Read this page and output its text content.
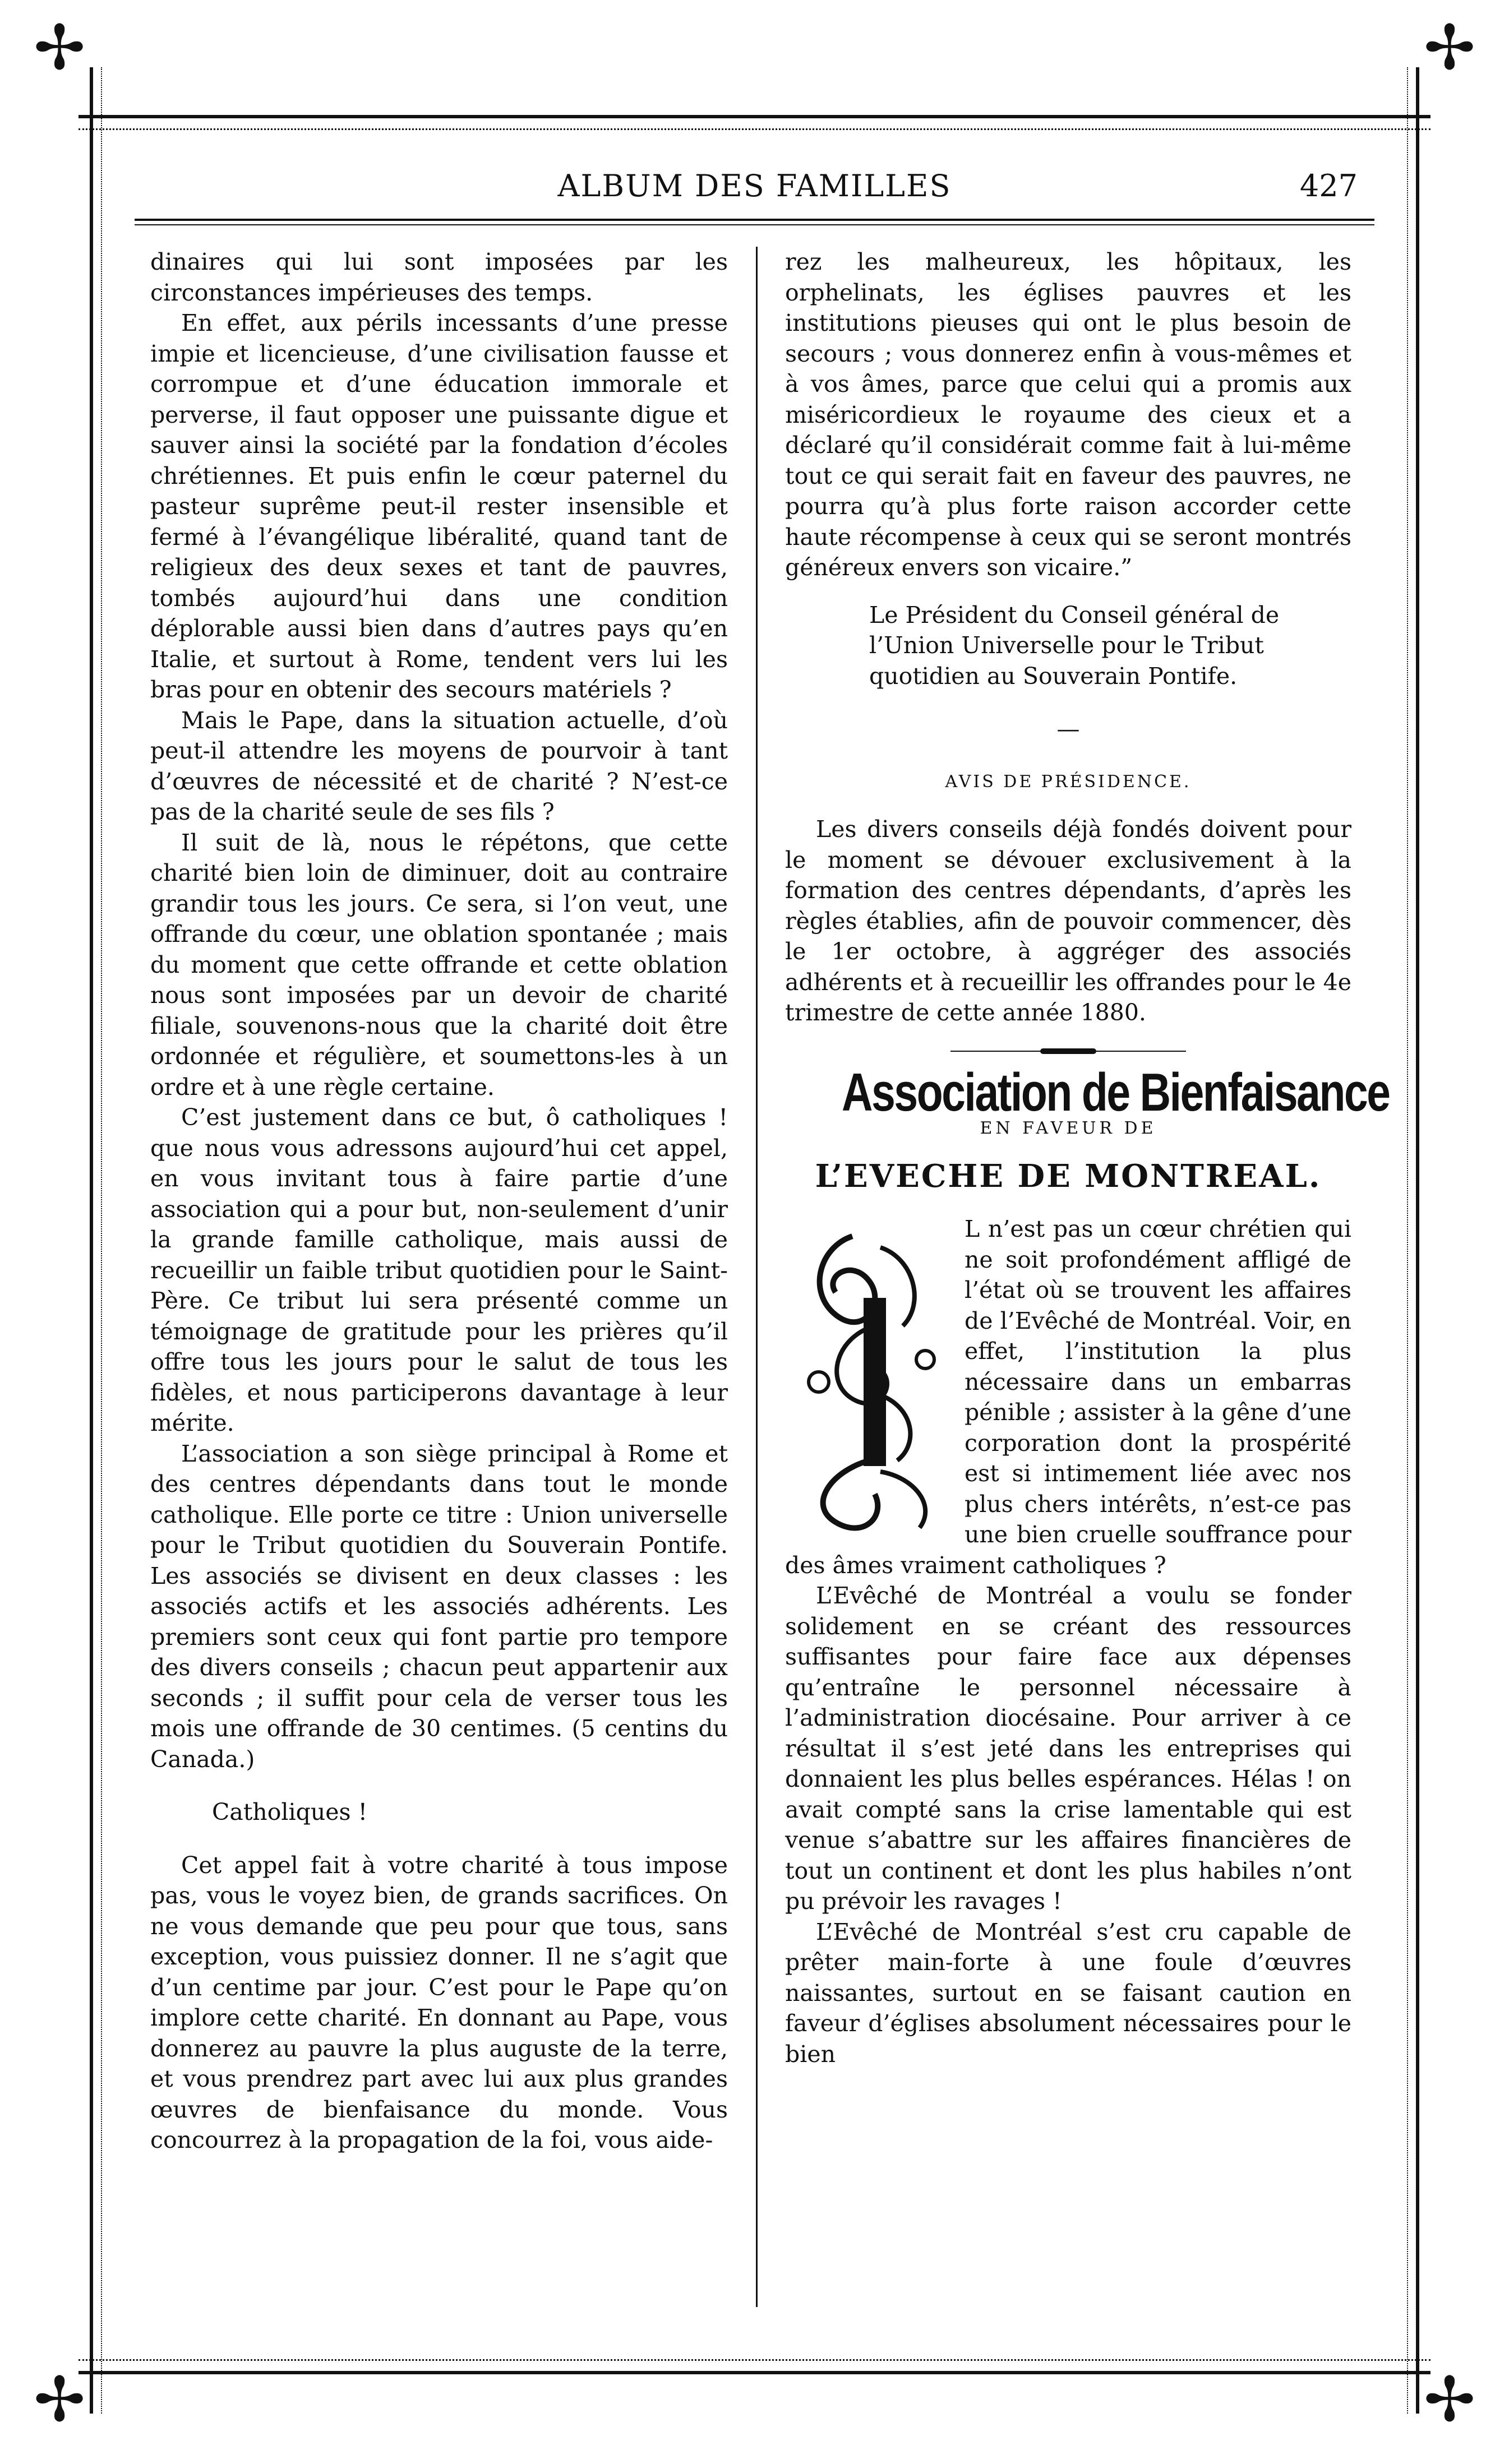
✢	✢
✢	✢
ALBUM DES FAMILLES	427

dinaires qui lui sont imposées par les circonstances impérieuses des temps.

En effet, aux périls incessants d’une presse impie et licencieuse, d’une civilisation fausse et corrompue et d’une éducation immorale et perverse, il faut opposer une puissante digue et sauver ainsi la société par la fondation d’écoles chrétiennes. Et puis enfin le cœur paternel du pasteur suprême peut-il rester insensible et fermé à l’évangélique libéralité, quand tant de religieux des deux sexes et tant de pauvres, tombés aujourd’hui dans une condition déplorable aussi bien dans d’autres pays qu’en Italie, et surtout à Rome, tendent vers lui les bras pour en obtenir des secours matériels ?

Mais le Pape, dans la situation actuelle, d’où peut-il attendre les moyens de pourvoir à tant d’œuvres de nécessité et de charité ? N’est-ce pas de la charité seule de ses fils ?

Il suit de là, nous le répétons, que cette charité bien loin de diminuer, doit au contraire grandir tous les jours. Ce sera, si l’on veut, une offrande du cœur, une oblation spontanée ; mais du moment que cette offrande et cette oblation nous sont imposées par un devoir de charité filiale, souvenons-nous que la charité doit être ordonnée et régulière, et soumettons-les à un ordre et à une règle certaine.

C’est justement dans ce but, ô catholiques ! que nous vous adressons aujourd’hui cet appel, en vous invitant tous à faire partie d’une association qui a pour but, non-seulement d’unir la grande famille catholique, mais aussi de recueillir un faible tribut quotidien pour le Saint-Père. Ce tribut lui sera présenté comme un témoignage de gratitude pour les prières qu’il offre tous les jours pour le salut de tous les fidèles, et nous participerons davantage à leur mérite.

L’association a son siège principal à Rome et des centres dépendants dans tout le monde catholique. Elle porte ce titre : Union universelle pour le Tribut quotidien du Souverain Pontife. Les associés se divisent en deux classes : les associés actifs et les associés adhérents. Les premiers sont ceux qui font partie pro tempore des divers conseils ; chacun peut appartenir aux seconds ; il suffit pour cela de verser tous les mois une offrande de 30 centimes. (5 centins du Canada.)

Catholiques !

Cet appel fait à votre charité à tous impose pas, vous le voyez bien, de grands sacrifices. On ne vous demande que peu pour que tous, sans exception, vous puissiez donner. Il ne s’agit que d’un centime par jour. C’est pour le Pape qu’on implore cette charité. En donnant au Pape, vous donnerez au pauvre la plus auguste de la terre, et vous prendrez part avec lui aux plus grandes œuvres de bienfaisance du monde. Vous concourrez à la propagation de la foi, vous aide-

rez les malheureux, les hôpitaux, les orphelinats, les églises pauvres et les institutions pieuses qui ont le plus besoin de secours ; vous donnerez enfin à vous-mêmes et à vos âmes, parce que celui qui a promis aux miséricordieux le royaume des cieux et a déclaré qu’il considérait comme fait à lui-même tout ce qui serait fait en faveur des pauvres, ne pourra qu’à plus forte raison accorder cette haute récompense à ceux qui se seront montrés généreux envers son vicaire.”

Le Président du Conseil général de l’Union Universelle pour le Tribut quotidien au Souverain Pontife.

—
AVIS DE PRÉSIDENCE.

Les divers conseils déjà fondés doivent pour le moment se dévouer exclusivement à la formation des centres dépendants, d’après les règles établies, afin de pouvoir commencer, dès le 1er octobre, à aggréger des associés adhérents et à recueillir les offrandes pour le 4e trimestre de cette année 1880.

Association de Bienfaisance
EN FAVEUR DE
L’EVECHE DE MONTREAL.

L n’est pas un cœur chrétien qui ne soit profondément affligé de l’état où se trouvent les affaires de l’Evêché de Montréal. Voir, en effet, l’institution la plus nécessaire dans un embarras pénible ; assister à la gêne d’une corporation dont la prospérité est si intimement liée avec nos plus chers intérêts, n’est-ce pas une bien cruelle souffrance pour des âmes vraiment catholiques ?

L’Evêché de Montréal a voulu se fonder solidement en se créant des ressources suffisantes pour faire face aux dépenses qu’entraîne le personnel nécessaire à l’administration diocésaine. Pour arriver à ce résultat il s’est jeté dans les entreprises qui donnaient les plus belles espérances. Hélas ! on avait compté sans la crise lamentable qui est venue s’abattre sur les affaires financières de tout un continent et dont les plus habiles n’ont pu prévoir les ravages !

L’Evêché de Montréal s’est cru capable de prêter main-forte à une foule d’œuvres naissantes, surtout en se faisant caution en faveur d’églises absolument nécessaires pour le bien
